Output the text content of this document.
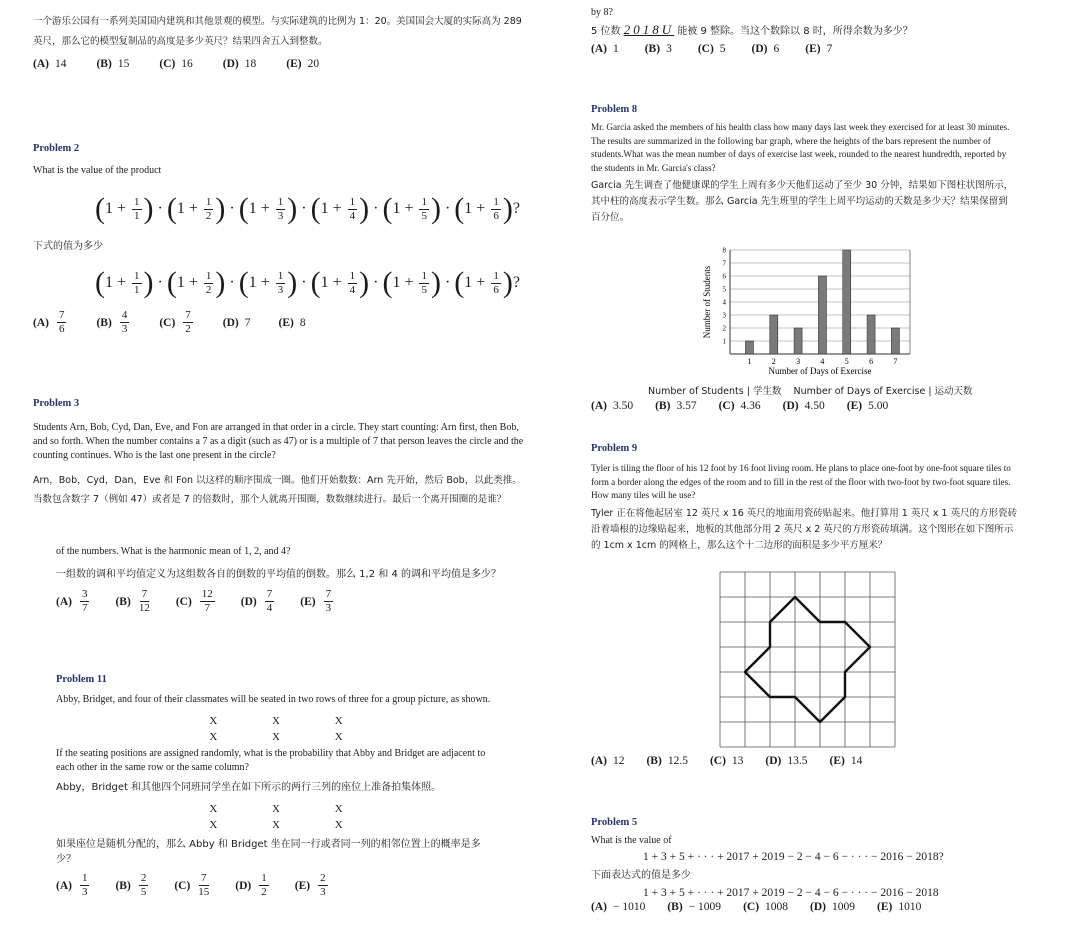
一个游乐公园有一系列美国国内建筑和其他景观的模型。与实际建筑的比例为 1：20。美国国会大厦的实际高为 289 英尺，那么它的模型复制品的高度是多少英尺？结果四舍五入到整数。
(A) 14	(B) 15	(C) 16	(D) 18	(E) 20
Problem 2
What is the value of the product
( $1 + \frac{1}{1}$ ) · ( $1 + \frac{1}{2}$ ) · ( $1 + \frac{1}{3}$ ) · ( $1 + \frac{1}{4}$ ) · ( $1 + \frac{1}{5}$ ) · ( $1 + \frac{1}{6}$ ) ?
下式的值为多少
( $1 + \frac{1}{1}$ ) · ( $1 + \frac{1}{2}$ ) · ( $1 + \frac{1}{3}$ ) · ( $1 + \frac{1}{4}$ ) · ( $1 + \frac{1}{5}$ ) · ( $1 + \frac{1}{6}$ ) ?
$(A) \frac{7}{6}$	$(B) \frac{4}{3}$	$(C) \frac{7}{2}$	(D) 7 (E) 8
Problem 3
Students Arn, Bob, Cyd, Dan, Eve, and Fon are arranged in that order in a circle. They start counting: Arn first, then Bob, and so forth. When the number contains a 7 as a digit (such as 47) or is a multiple of 7 that person leaves the circle and the counting continues. Who is the last one present in the circle?
Arn，Bob，Cyd，Dan，Eve 和 Fon 以这样的顺序围成一圈。他们开始数数：Arn 先开始，然后 Bob，以此类推。当数包含数字 7（例如 47）或者是 7 的倍数时，那个人就离开围圈，数数继续进行。最后一个离开围圈的是谁？
of the numbers. What is the harmonic mean of 1, 2, and 4?
一组数的调和平均值定义为这组数各自的倒数的平均值的倒数。那么 1,2 和 4 的调和平均值是多少？
$(A) \frac{3}{7} (B) \frac{7}{12} (C) \frac{12}{7} (D) \frac{7}{4} (E) \frac{7}{3}$
Problem 11
Abby, Bridget, and four of their classmates will be seated in two rows of three for a group picture, as shown.
X X X
X X X
If the seating positions are assigned randomly, what is the probability that Abby and Bridget are adjacent to each other in the same row or the same column?
Abby，Bridget 和其他四个同班同学坐在如下所示的两行三列的座位上准备拍集体照。
X X X
X X X
如果座位是随机分配的，那么 Abby 和 Bridget 坐在同一行或者同一列的相邻位置上的概率是多少？
$(A) \frac{1}{3} (B) \frac{2}{5} (C) \frac{7}{15} (D) \frac{1}{2} (E) \frac{2}{3}$
by 8?
5 位数 2018U 能被 9 整除。当这个数除以 8 时，所得余数为多少？
(A) 1 (B) 3 (C) 5 (D) 6 (E) 7
Problem 8
Mr. Garcia asked the members of his health class how many days last week they exercised for at least 30 minutes. The results are summarized in the following bar graph, where the heights of the bars represent the number of students.What was the mean number of days of exercise last week, rounded to the nearest hundredth, reported by the students in Mr. Garcia's class?
Garcia 先生调查了他健康课的学生上周有多少天他们运动了至少 30 分钟，结果如下图柱状图所示，其中柱的高度表示学生数。那么 Garcia 先生班里的学生上周平均运动的天数是多少天？结果保留到百分位。
1	2	3	4	5	6	7
1
2
3
4
5
6
7
8
Number of Days of Exercise
Number of Students
Number of Students | 学生数    Number of Days of Exercise | 运动天数
(A) 3.50 (B) 3.57 (C) 4.36 (D) 4.50 (E) 5.00
Problem 9
Tyler is tiling the floor of his 12 foot by 16 foot living room. He plans to place one-foot by one-foot square tiles to form a border along the edges of the room and to fill in the rest of the floor with two-foot by two-foot square tiles. How many tiles will he use?
Tyler 正在将他起居室 12 英尺 x 16 英尺的地面用瓷砖贴起来。他打算用 1 英尺 x 1 英尺的方形瓷砖沿着墙根的边缘贴起来，地板的其他部分用 2 英尺 x 2 英尺的方形瓷砖填满。这个图形在如下图所示的 1cm x 1cm 的网格上，那么这个十二边形的面积是多少平方厘米？
(A) 12 (B) 12.5 (C) 13 (D) 13.5 (E) 14
Problem 5
What is the value of
1 + 3 + 5 + · · · + 2017 + 2019 − 2 − 4 − 6 − · · · − 2016 − 2018?
下面表达式的值是多少
1 + 3 + 5 + · · · + 2017 + 2019 − 2 − 4 − 6 − · · · − 2016 − 2018
(A) − 1010 (B) − 1009 (C) 1008 (D) 1009 (E) 1010
